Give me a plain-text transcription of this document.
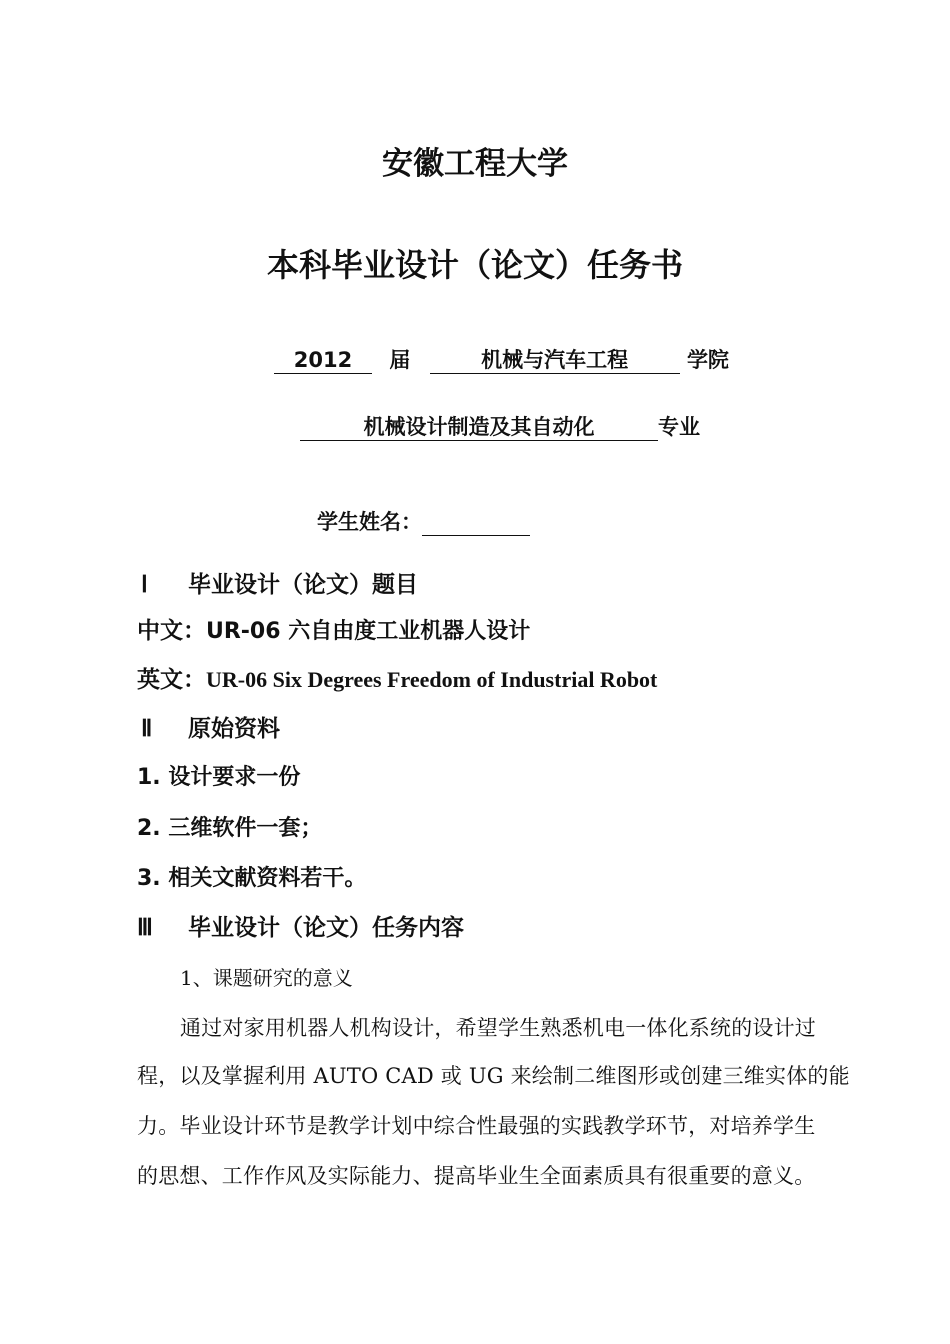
安徽工程大学
本科毕业设计（论文）任务书
2012 届	机械与汽车工程	学院
机械设计制造及其自动化	专业
学生姓名：
Ⅰ 毕业设计（论文）题目
中文：UR-06 六自由度工业机器人设计
英文：UR-06 Six Degrees Freedom of Industrial Robot
Ⅱ 原始资料
1. 设计要求一份
2. 三维软件一套；
3. 相关文献资料若干。
Ⅲ 毕业设计（论文）任务内容
1、课题研究的意义
通过对家用机器人机构设计，希望学生熟悉机电一体化系统的设计过
程，以及掌握利用 AUTO CAD 或 UG 来绘制二维图形或创建三维实体的能
力。毕业设计环节是教学计划中综合性最强的实践教学环节，对培养学生
的思想、工作作风及实际能力、提高毕业生全面素质具有很重要的意义。
